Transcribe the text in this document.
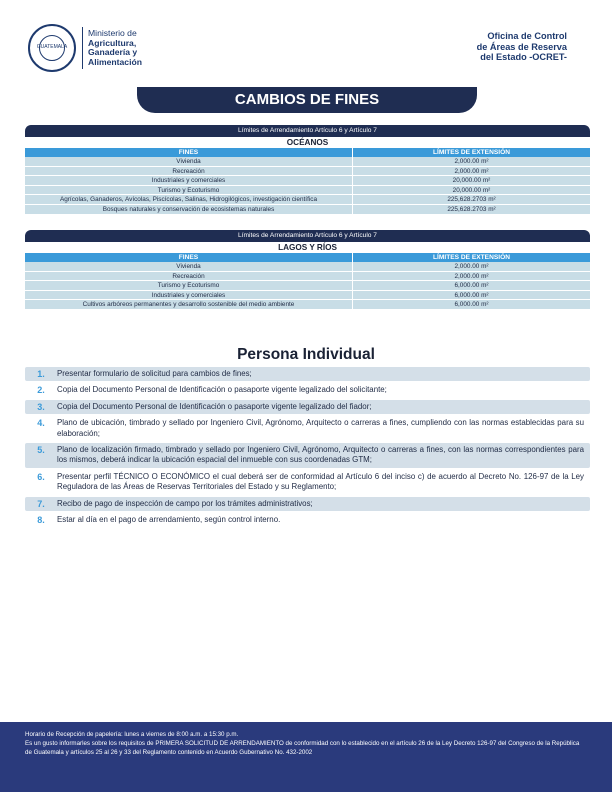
GUATEMALA
Ministerio de
Agricultura,
Ganadería y
Alimentación
Oficina de Control
de Áreas de Reserva
del Estado -OCRET-
CAMBIOS DE FINES
Límites de Arrendamiento Artículo 6 y Artículo 7
OCÉANOS
FINES	LÍMITES DE EXTENSIÓN
Vivienda	2,000.00 m²
Recreación	2,000.00 m²
Industriales y comerciales	20,000.00 m²
Turismo y Ecoturismo	20,000.00 m²
Agrícolas, Ganaderos, Avícolas, Piscícolas, Salinas, Hidrogilógicos, investigación científica	225,628.2703 m²
Bosques naturales y conservación de ecosistemas naturales	225,628.2703 m²
Límites de Arrendamiento Artículo 6 y Artículo 7
LAGOS Y RÍOS
FINES	LÍMITES DE EXTENSIÓN
Vivienda	2,000.00 m²
Recreación	2,000.00 m²
Turismo y Ecoturismo	6,000.00 m²
Industriales y comerciales	6,000.00 m²
Cultivos arbóreos permanentes y desarrollo sostenible del medio ambiente	6,000.00 m²
Persona Individual
1.	Presentar formulario de solicitud para cambios de fines;
2.	Copia del Documento Personal de Identificación o pasaporte vigente legalizado del solicitante;
3.	Copia del Documento Personal de Identificación o pasaporte vigente legalizado del fiador;
4.	Plano de ubicación, timbrado y sellado por Ingeniero Civil, Agrónomo, Arquitecto o carreras a fines, cumpliendo con las normas establecidas para su elaboración;
5.	Plano de localización firmado, timbrado y sellado por Ingeniero Civil, Agrónomo, Arquitecto o carreras a fines, con las normas correspondientes para los mismos, deberá indicar la ubicación espacial del inmueble con sus coordenadas GTM;
6.	Presentar perfil TÉCNICO O ECONÓMICO el cual deberá ser de conformidad al Artículo 6 del inciso c) de acuerdo al Decreto No. 126-97 de la Ley Reguladora de las Áreas de Reservas Territoriales del Estado y su Reglamento;
7.	Recibo de pago de inspección de campo por los trámites administrativos;
8.	Estar al día en el pago de arrendamiento, según control interno.
Horario de Recepción de papelería: lunes a viernes de 8:00 a.m. a 15:30 p.m.
Es un gusto informarles sobre los requisitos de PRIMERA SOLICITUD DE ARRENDAMIENTO de conformidad con lo establecido en el artículo 26 de la Ley Decreto 126-97 del Congreso de la República de Guatemala y artículos 25 al 26 y 33 del Reglamento contenido en Acuerdo Gubernativo No. 432-2002
